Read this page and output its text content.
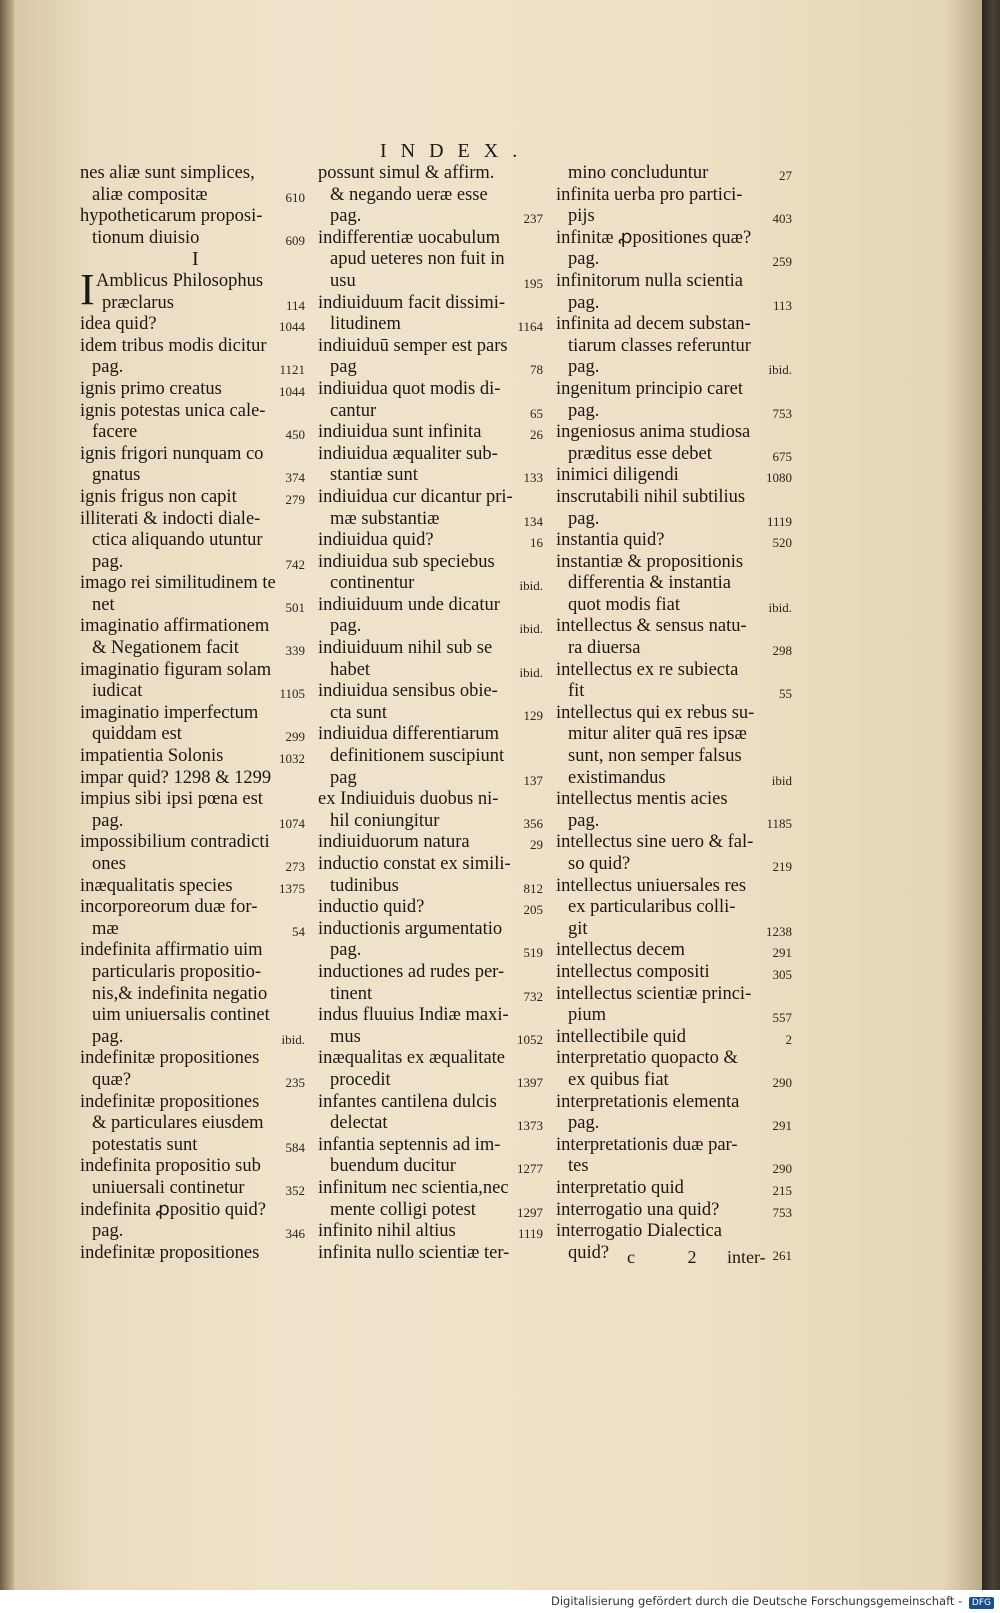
INDEX.
nes aliæ sunt simplices,
aliæ compositæ	610
hypotheticarum proposi-
tionum diuisio	609
I
Amblicus Philosophus
præclarus	114
idea quid?	1044
idem tribus modis dicitur
pag.	1121
ignis primo creatus	1044
ignis potestas unica cale-
facere	450
ignis frigori nunquam co
gnatus	374
ignis frigus non capit	279
illiterati & indocti diale-
ctica aliquando utuntur
pag.	742
imago rei similitudinem te
net	501
imaginatio affirmationem
& Negationem facit	339
imaginatio figuram solam
iudicat	1105
imaginatio imperfectum
quiddam est	299
impatientia Solonis	1032
impar quid? 1298 & 1299
impius sibi ipsi pœna est
pag.	1074
impossibilium contradicti
ones	273
inæqualitatis species	1375
incorporeorum duæ for-
mæ	54
indefinita affirmatio uim
particularis propositio-
nis,& indefinita negatio
uim uniuersalis continet
pag.	ibid.
indefinitæ propositiones
quæ?	235
indefinitæ propositiones
& particulares eiusdem
potestatis sunt	584
indefinita propositio sub
uniuersali continetur	352
indefinita ꝓpositio quid?
pag.	346
indefinitæ propositiones
possunt simul & affirm.
& negando ueræ esse
pag.	237
indifferentiæ uocabulum
apud ueteres non fuit in
usu	195
indiuiduum facit dissimi-
litudinem	1164
indiuiduū semper est pars
pag	78
indiuidua quot modis di-
cantur	65
indiuidua sunt infinita	26
indiuidua æqualiter sub-
stantiæ sunt	133
indiuidua cur dicantur pri-
mæ substantiæ	134
indiuidua quid?	16
indiuidua sub speciebus
continentur	ibid.
indiuiduum unde dicatur
pag.	ibid.
indiuiduum nihil sub se
habet	ibid.
indiuidua sensibus obie-
cta sunt	129
indiuidua differentiarum
definitionem suscipiunt
pag	137
ex Indiuiduis duobus ni-
hil coniungitur	356
indiuiduorum natura	29
inductio constat ex simili-
tudinibus	812
inductio quid?	205
inductionis argumentatio
pag.	519
inductiones ad rudes per-
tinent	732
indus fluuius Indiæ maxi-
mus	1052
inæqualitas ex æqualitate
procedit	1397
infantes cantilena dulcis
delectat	1373
infantia septennis ad im-
buendum ducitur	1277
infinitum nec scientia,nec
mente colligi potest	1297
infinito nihil altius	1119
infinita nullo scientiæ ter-
mino concluduntur	27
infinita uerba pro partici-
pijs	403
infinitæ ꝓpositiones quæ?
pag.	259
infinitorum nulla scientia
pag.	113
infinita ad decem substan-
tiarum classes referuntur
pag.	ibid.
ingenitum principio caret
pag.	753
ingeniosus anima studiosa
præditus esse debet	675
inimici diligendi	1080
inscrutabili nihil subtilius
pag.	1119
instantia quid?	520
instantiæ & propositionis
differentia & instantia
quot modis fiat	ibid.
intellectus & sensus natu-
ra diuersa	298
intellectus ex re subiecta
fit	55
intellectus qui ex rebus su-
mitur aliter quā res ipsæ
sunt, non semper falsus
existimandus	ibid
intellectus mentis acies
pag.	1185
intellectus sine uero & fal-
so quid?	219
intellectus uniuersales res
ex particularibus colli-
git	1238
intellectus decem	291
intellectus compositi	305
intellectus scientiæ princi-
pium	557
intellectibile quid	2
interpretatio quopacto &
ex quibus fiat	290
interpretationis elementa
pag.	291
interpretationis duæ par-
tes	290
interpretatio quid	215
interrogatio una quid?	753
interrogatio Dialectica
quid?	261
c 2 inter-
Digitalisierung gefördert durch die Deutsche Forschungsgemeinschaft - DFG
I
